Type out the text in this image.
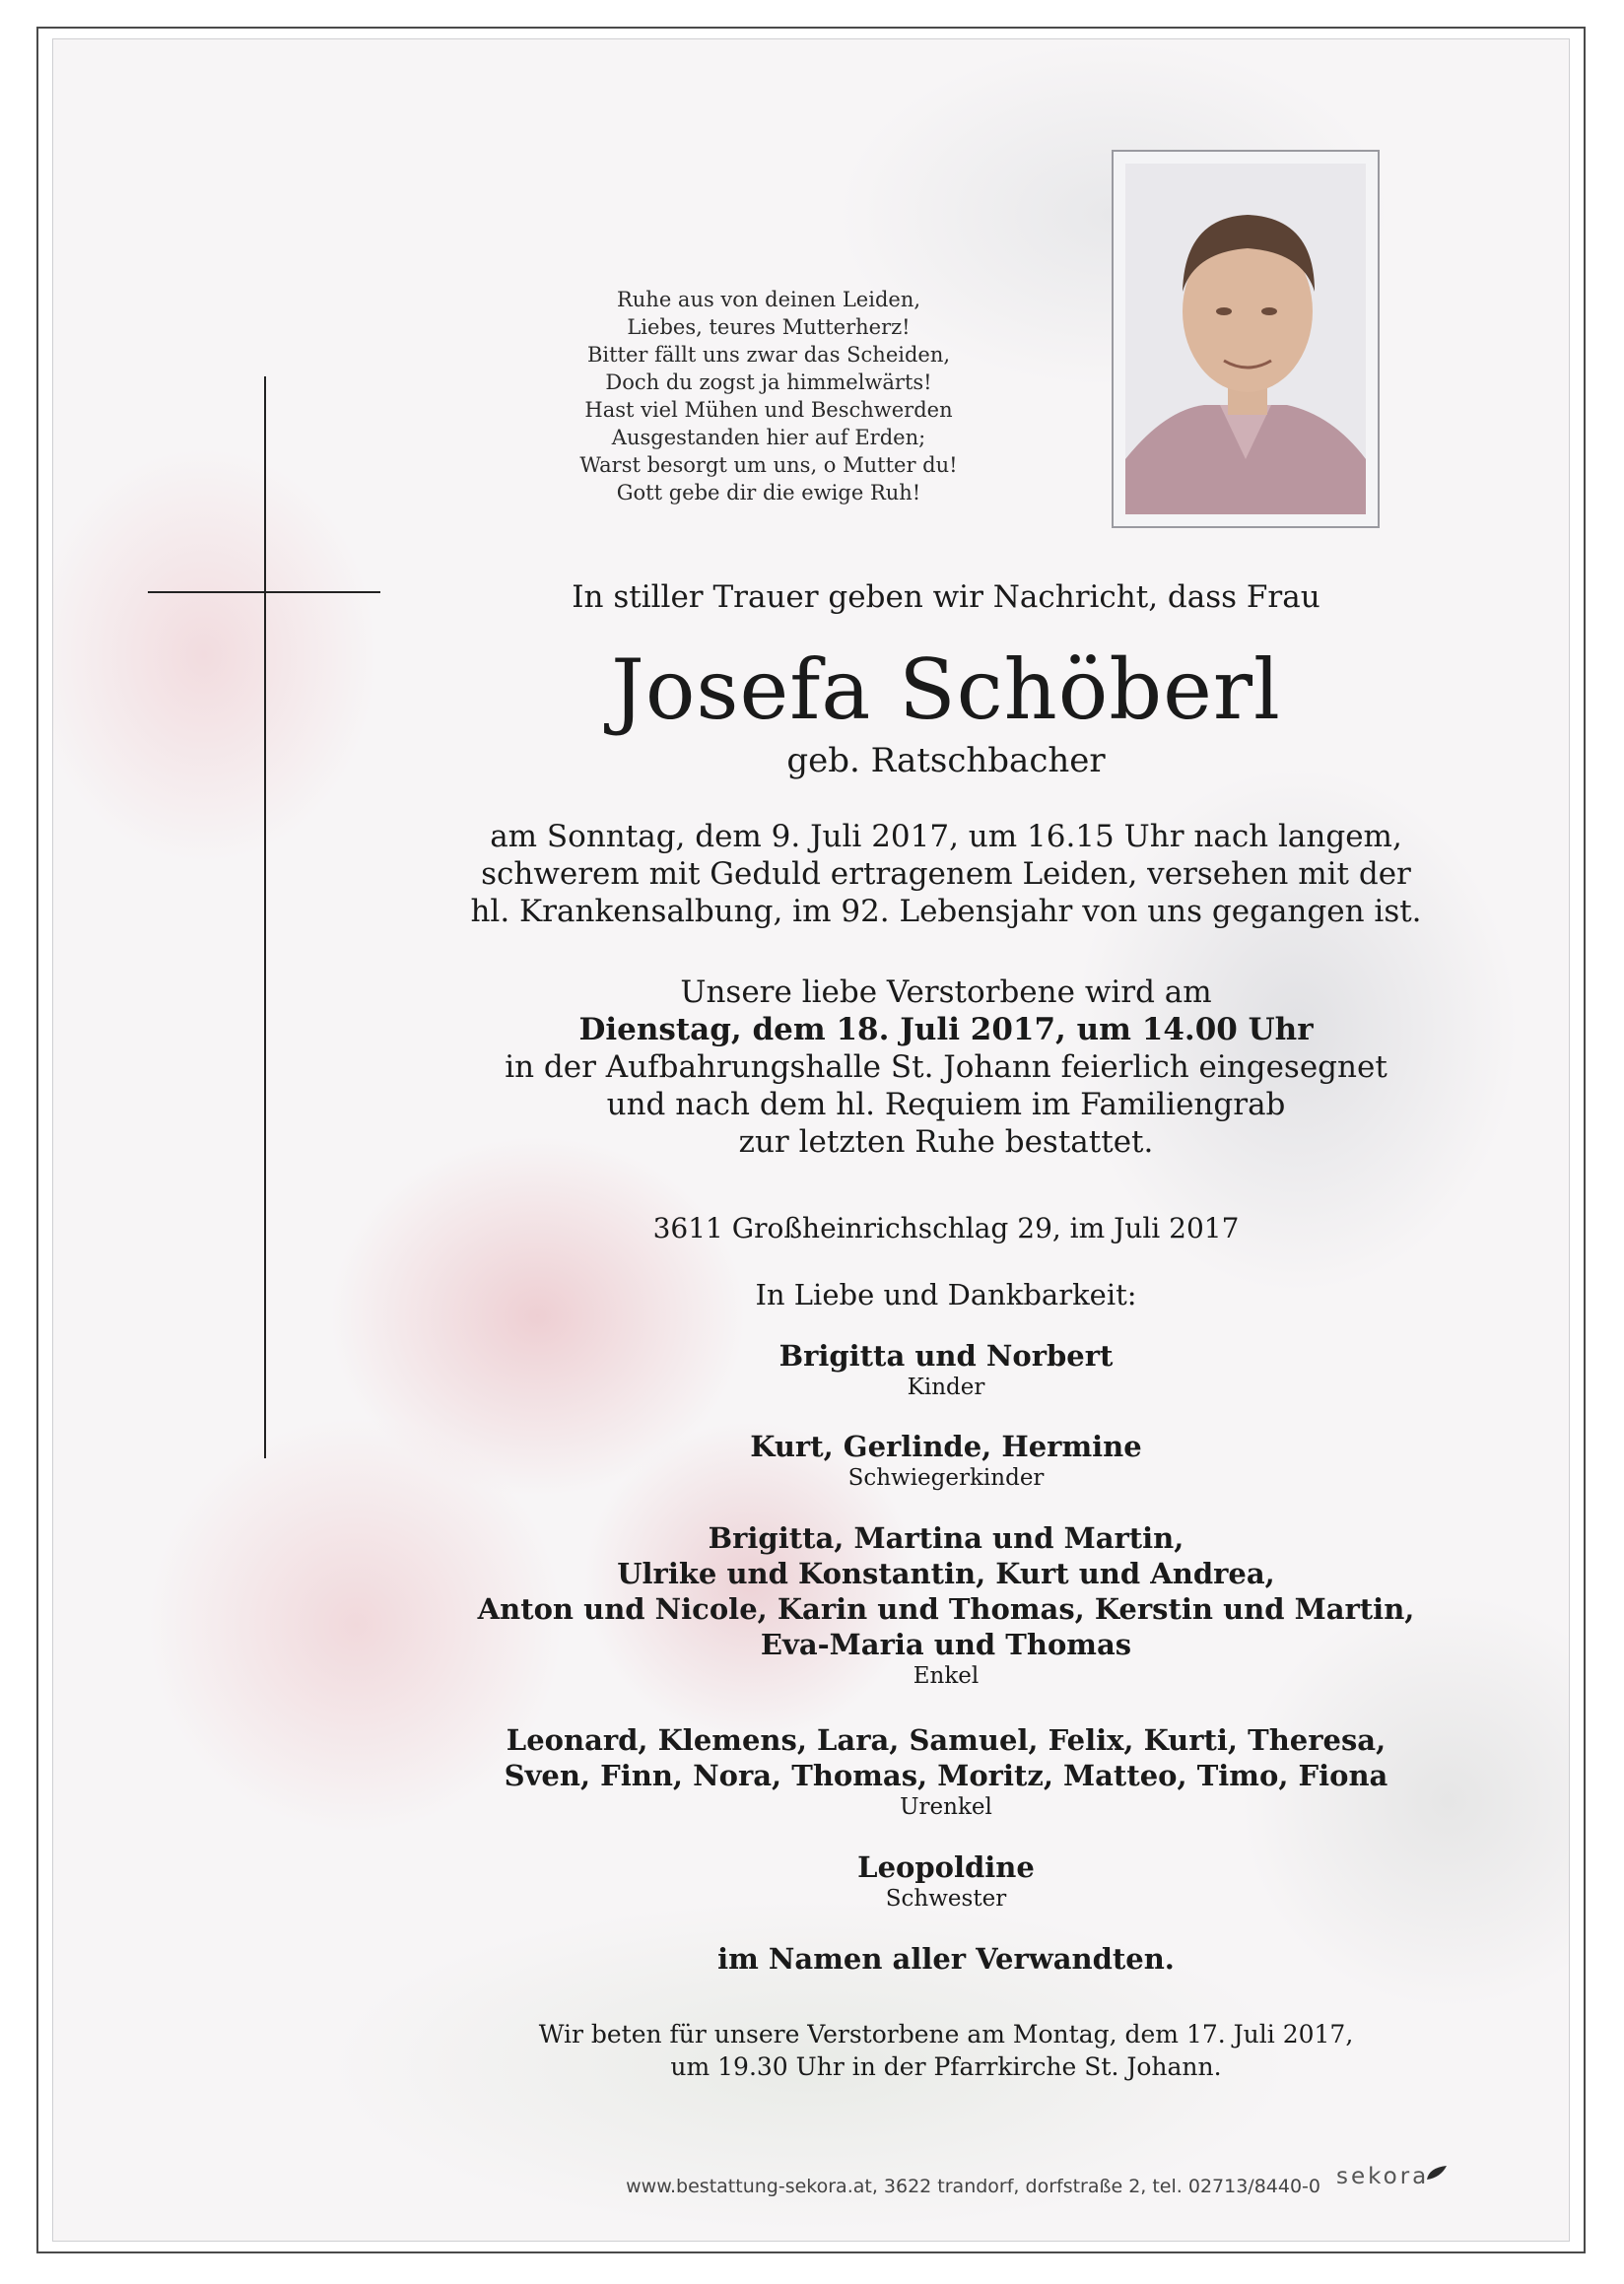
Ruhe aus von deinen Leiden,
Liebes, teures Mutterherz!
Bitter fällt uns zwar das Scheiden,
Doch du zogst ja himmelwärts!
Hast viel Mühen und Beschwerden
Ausgestanden hier auf Erden;
Warst besorgt um uns, o Mutter du!
Gott gebe dir die ewige Ruh!
In stiller Trauer geben wir Nachricht, dass Frau
Josefa Schöberl
geb. Ratschbacher
am Sonntag, dem 9. Juli 2017, um 16.15 Uhr nach langem,
schwerem mit Geduld ertragenem Leiden, versehen mit der
hl. Krankensalbung, im 92. Lebensjahr von uns gegangen ist.
Unsere liebe Verstorbene wird am
Dienstag, dem 18. Juli 2017, um 14.00 Uhr
in der Aufbahrungshalle St. Johann feierlich eingesegnet
und nach dem hl. Requiem im Familiengrab
zur letzten Ruhe bestattet.
3611 Großheinrichschlag 29, im Juli 2017
In Liebe und Dankbarkeit:
Brigitta und Norbert
Kinder
Kurt, Gerlinde, Hermine
Schwiegerkinder
Brigitta, Martina und Martin,
Ulrike und Konstantin, Kurt und Andrea,
Anton und Nicole, Karin und Thomas, Kerstin und Martin,
Eva-Maria und Thomas
Enkel
Leonard, Klemens, Lara, Samuel, Felix, Kurti, Theresa,
Sven, Finn, Nora, Thomas, Moritz, Matteo, Timo, Fiona
Urenkel
Leopoldine
Schwester
im Namen aller Verwandten.
Wir beten für unsere Verstorbene am Montag, dem 17. Juli 2017,
um 19.30 Uhr in der Pfarrkirche St. Johann.
www.bestattung-sekora.at, 3622 trandorf, dorfstraße 2, tel. 02713/8440-0 sekora
